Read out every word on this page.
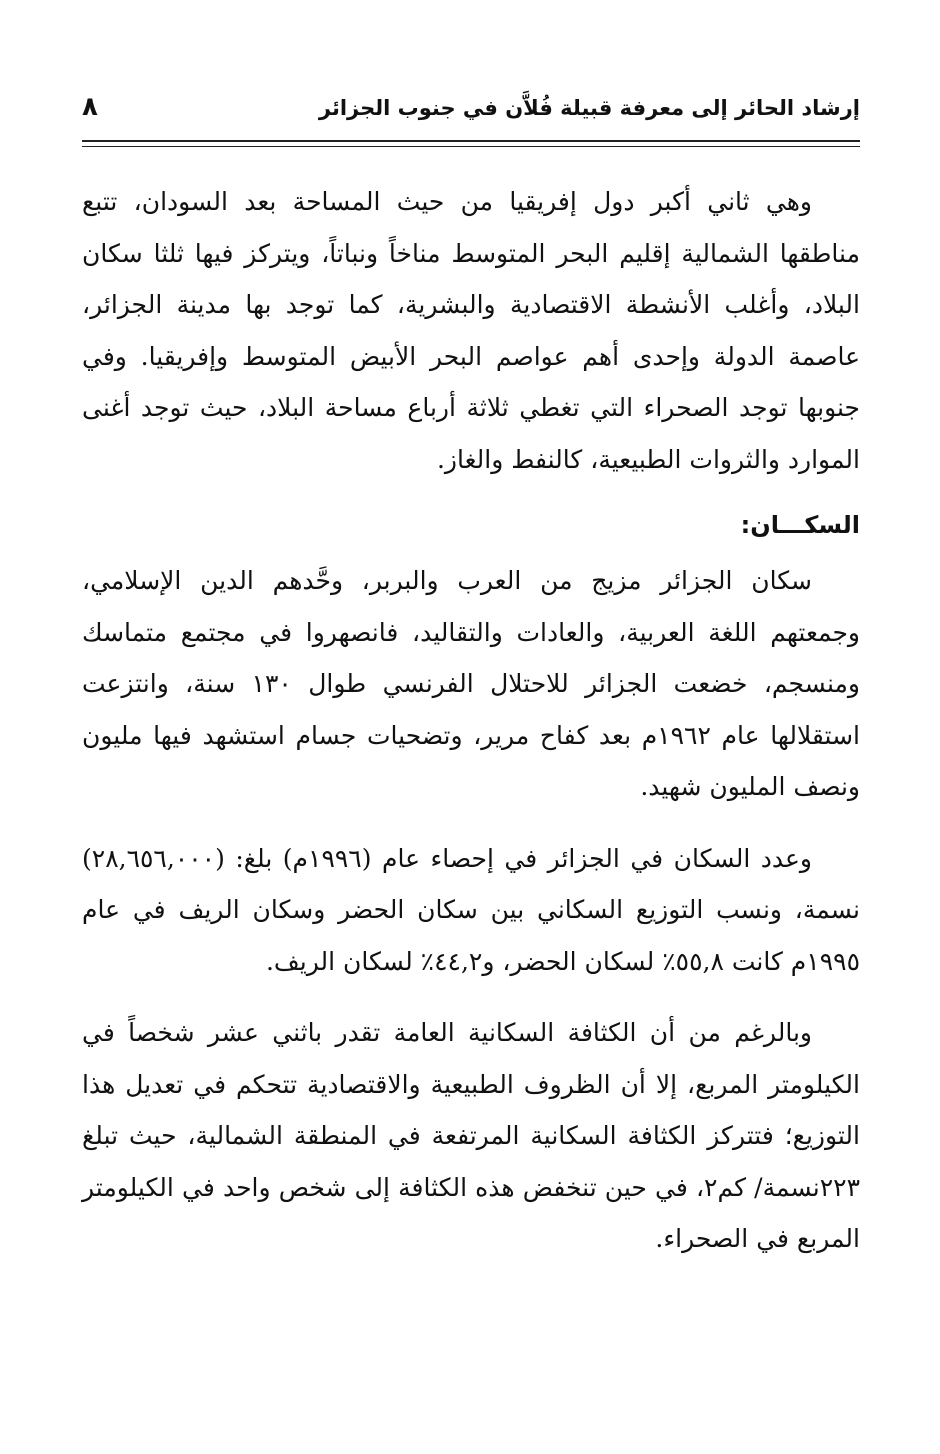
إرشاد الحائر إلى معرفة قبيلة فُلاَّن في جنوب الجزائر
٨

وهي ثاني أكبر دول إفريقيا من حيث المساحة بعد السودان، تتبع مناطقها الشمالية إقليم البحر المتوسط مناخاً ونباتاً، ويتركز فيها ثلثا سكان البلاد، وأغلب الأنشطة الاقتصادية والبشرية، كما توجد بها مدينة الجزائر، عاصمة الدولة وإحدى أهم عواصم البحر الأبيض المتوسط وإفريقيا. وفي جنوبها توجد الصحراء التي تغطي ثلاثة أرباع مساحة البلاد، حيث توجد أغنى الموارد والثروات الطبيعية، كالنفط والغاز.

السكـــان:

سكان الجزائر مزيج من العرب والبربر، وحَّدهم الدين الإسلامي، وجمعتهم اللغة العربية، والعادات والتقاليد، فانصهروا في مجتمع متماسك ومنسجم، خضعت الجزائر للاحتلال الفرنسي طوال ١٣٠ سنة، وانتزعت استقلالها عام ١٩٦٢م بعد كفاح مرير، وتضحيات جسام استشهد فيها مليون ونصف المليون شهيد.

وعدد السكان في الجزائر في إحصاء عام (١٩٩٦م) بلغ: (٢٨,٦٥٦,٠٠٠) نسمة، ونسب التوزيع السكاني بين سكان الحضر وسكان الريف في عام ١٩٩٥م كانت ٥٥,٨٪ لسكان الحضر، و٤٤,٢٪ لسكان الريف.

وبالرغم من أن الكثافة السكانية العامة تقدر باثني عشر شخصاً في الكيلومتر المربع، إلا أن الظروف الطبيعية والاقتصادية تتحكم في تعديل هذا التوزيع؛ فتتركز الكثافة السكانية المرتفعة في المنطقة الشمالية، حيث تبلغ ٢٢٣نسمة/ كم٢، في حين تنخفض هذه الكثافة إلى شخص واحد في الكيلومتر المربع في الصحراء.
